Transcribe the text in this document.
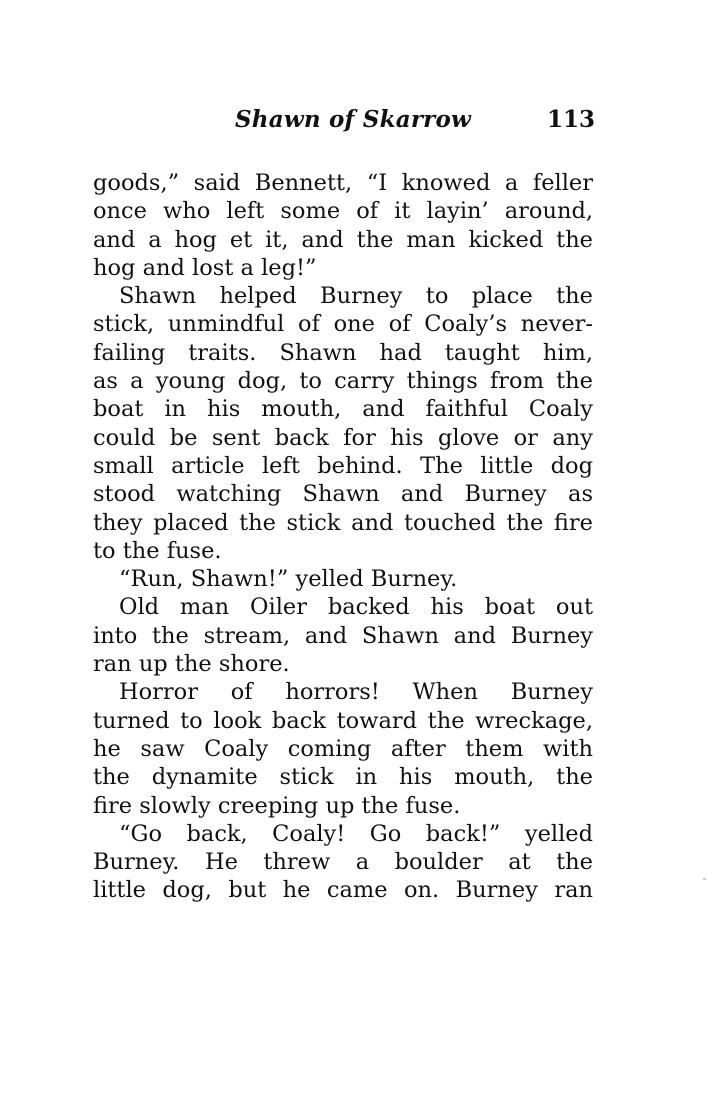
Shawn of Skarrow	113
goods,” said Bennett, “I knowed a feller
once who left some of it layin’ around,
and a hog et it, and the man kicked the
hog and lost a leg!”
Shawn helped Burney to place the
stick, unmindful of one of Coaly’s never-
failing traits. Shawn had taught him,
as a young dog, to carry things from the
boat in his mouth, and faithful Coaly
could be sent back for his glove or any
small article left behind. The little dog
stood watching Shawn and Burney as
they placed the stick and touched the fire
to the fuse.
“Run, Shawn!” yelled Burney.
Old man Oiler backed his boat out
into the stream, and Shawn and Burney
ran up the shore.
Horror of horrors! When Burney
turned to look back toward the wreckage,
he saw Coaly coming after them with
the dynamite stick in his mouth, the
fire slowly creeping up the fuse.
“Go back, Coaly! Go back!” yelled
Burney. He threw a boulder at the
little dog, but he came on. Burney ran
